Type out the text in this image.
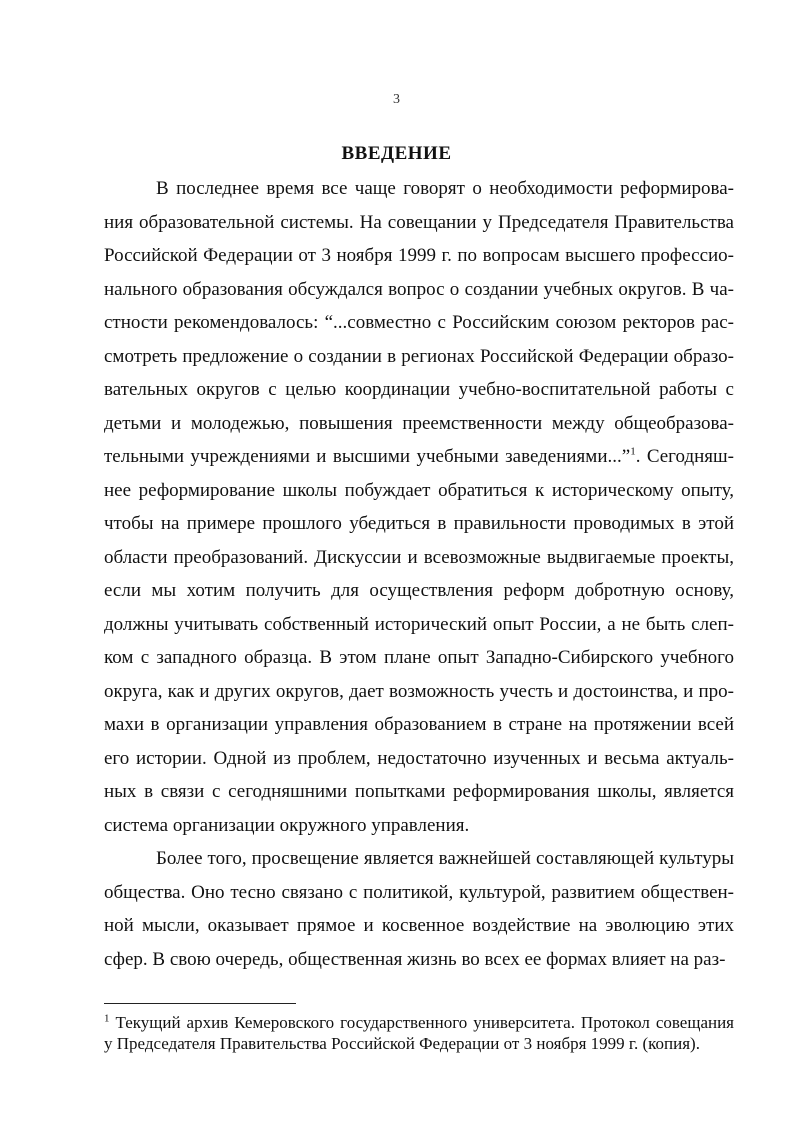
3
ВВЕДЕНИЕ

В последнее время все чаще говорят о необходимости реформирования образовательной системы. На совещании у Председателя Правительства Российской Федерации от 3 ноября 1999 г. по вопросам высшего профессионального образования обсуждался вопрос о создании учебных округов. В частности рекомендовалось: “...совместно с Российским союзом ректоров рассмотреть предложение о создании в регионах Российской Федерации образовательных округов с целью координации учебно-воспитательной работы с детьми и молодежью, повышения преемственности между общеобразовательными учреждениями и высшими учебными заведениями...”$^1$. Сегодняшнее реформирование школы побуждает обратиться к историческому опыту, чтобы на примере прошлого убедиться в правильности проводимых в этой области преобразований. Дискуссии и всевозможные выдвигаемые проекты, если мы хотим получить для осуществления реформ добротную основу, должны учитывать собственный исторический опыт России, а не быть слепком с западного образца. В этом плане опыт Западно-Сибирского учебного округа, как и других округов, дает возможность учесть и достоинства, и промахи в организации управления образованием в стране на протяжении всей его истории. Одной из проблем, недостаточно изученных и весьма актуальных в связи с сегодняшними попытками реформирования школы, является система организации окружного управления.

Более того, просвещение является важнейшей составляющей культуры общества. Оно тесно связано с политикой, культурой, развитием общественной мысли, оказывает прямое и косвенное воздействие на эволюцию этих сфер. В свою очередь, общественная жизнь во всех ее формах влияет на раз-

$^1$ Текущий архив Кемеровского государственного университета. Протокол совещания у Председателя Правительства Российской Федерации от 3 ноября 1999 г. (копия).
